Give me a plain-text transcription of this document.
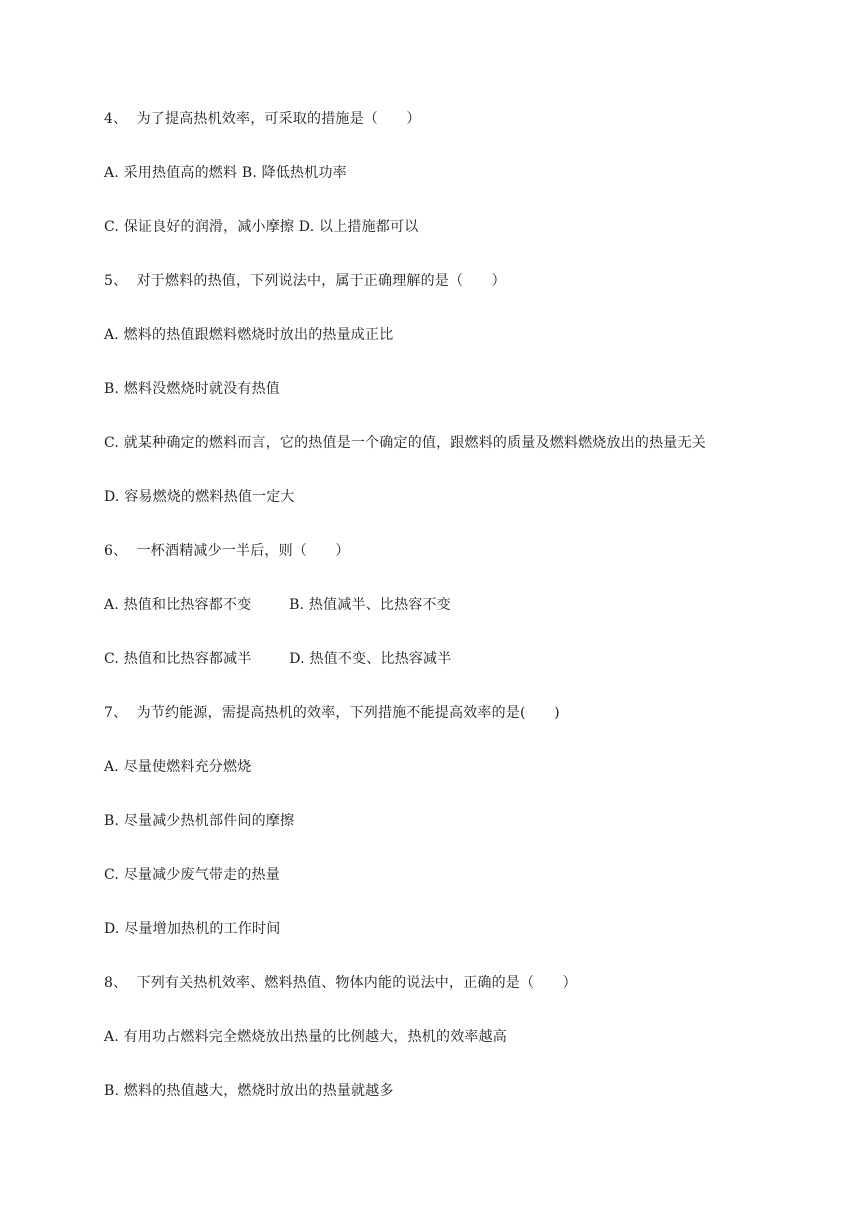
4、  为了提高热机效率，可采取的措施是（　　）
A. 采用热值高的燃料 B. 降低热机功率
C. 保证良好的润滑，减小摩擦 D. 以上措施都可以
5、  对于燃料的热值，下列说法中，属于正确理解的是（　　）
A. 燃料的热值跟燃料燃烧时放出的热量成正比
B. 燃料没燃烧时就没有热值
C. 就某种确定的燃料而言，它的热值是一个确定的值，跟燃料的质量及燃料燃烧放出的热量无关
D. 容易燃烧的燃料热值一定大
6、  一杯酒精减少一半后，则（　　）
A. 热值和比热容都不变　　  B. 热值减半、比热容不变
C. 热值和比热容都减半　　  D. 热值不变、比热容减半
7、  为节约能源，需提高热机的效率，下列措施不能提高效率的是(　　)
A. 尽量使燃料充分燃烧
B. 尽量减少热机部件间的摩擦
C. 尽量减少废气带走的热量
D. 尽量增加热机的工作时间
8、  下列有关热机效率、燃料热值、物体内能的说法中，正确的是（　　）
A. 有用功占燃料完全燃烧放出热量的比例越大，热机的效率越高
B. 燃料的热值越大，燃烧时放出的热量就越多
